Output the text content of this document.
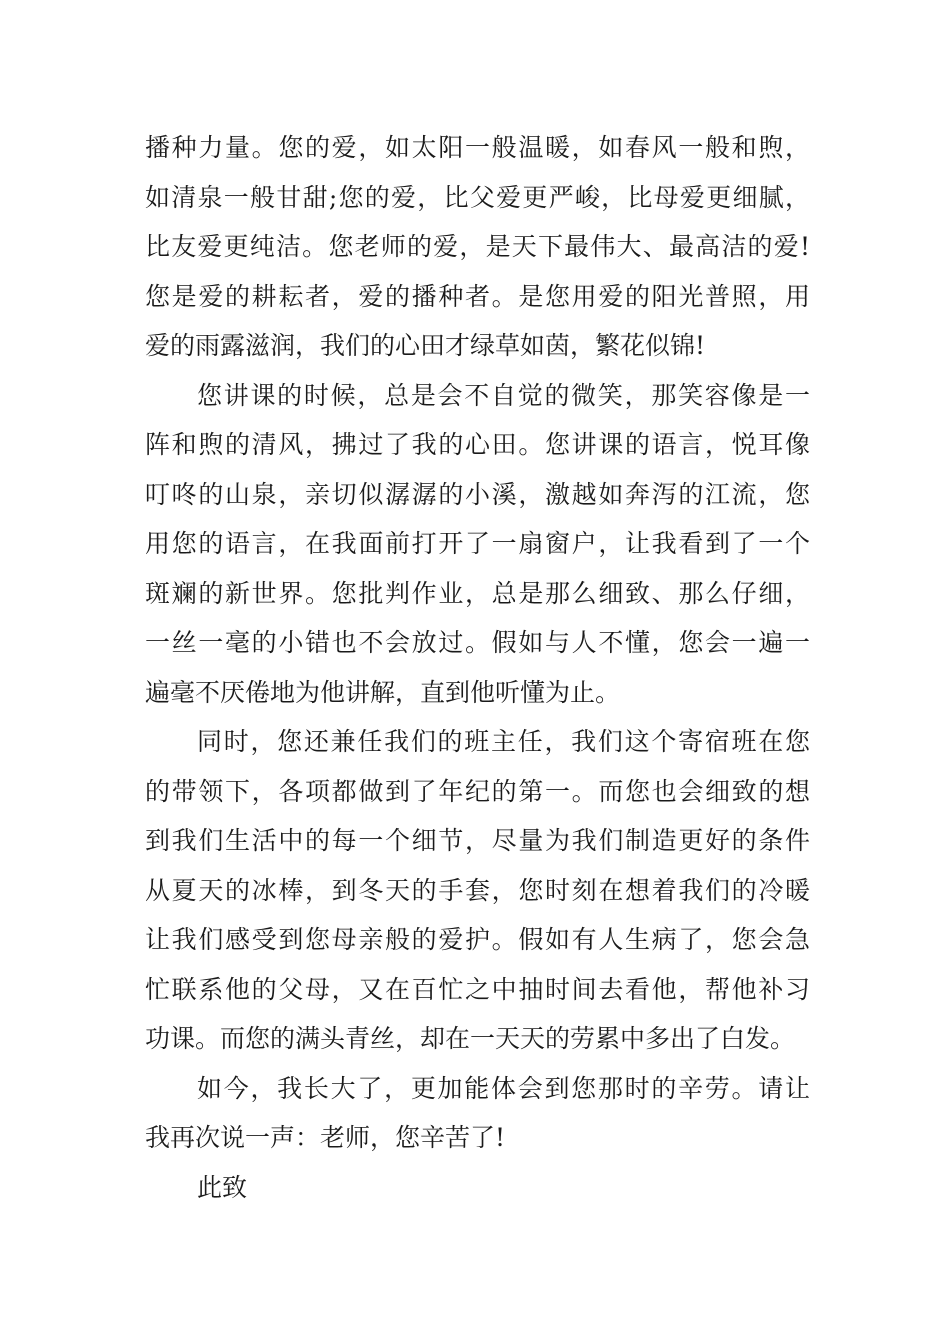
播种力量。您的爱，如太阳一般温暖，如春风一般和煦，
如清泉一般甘甜;您的爱，比父爱更严峻，比母爱更细腻，
比友爱更纯洁。您老师的爱，是天下最伟大、最高洁的爱!
您是爱的耕耘者，爱的播种者。是您用爱的阳光普照，用
爱的雨露滋润，我们的心田才绿草如茵，繁花似锦!
您讲课的时候，总是会不自觉的微笑，那笑容像是一
阵和煦的清风，拂过了我的心田。您讲课的语言，悦耳像
叮咚的山泉，亲切似潺潺的小溪，激越如奔泻的江流，您
用您的语言，在我面前打开了一扇窗户，让我看到了一个
斑斓的新世界。您批判作业，总是那么细致、那么仔细，
一丝一毫的小错也不会放过。假如与人不懂，您会一遍一
遍毫不厌倦地为他讲解，直到他听懂为止。
同时，您还兼任我们的班主任，我们这个寄宿班在您
的带领下，各项都做到了年纪的第一。而您也会细致的想
到我们生活中的每一个细节，尽量为我们制造更好的条件
从夏天的冰棒，到冬天的手套，您时刻在想着我们的冷暖
让我们感受到您母亲般的爱护。假如有人生病了，您会急
忙联系他的父母，又在百忙之中抽时间去看他，帮他补习
功课。而您的满头青丝，却在一天天的劳累中多出了白发。
如今，我长大了，更加能体会到您那时的辛劳。请让
我再次说一声：老师，您辛苦了!
此致
